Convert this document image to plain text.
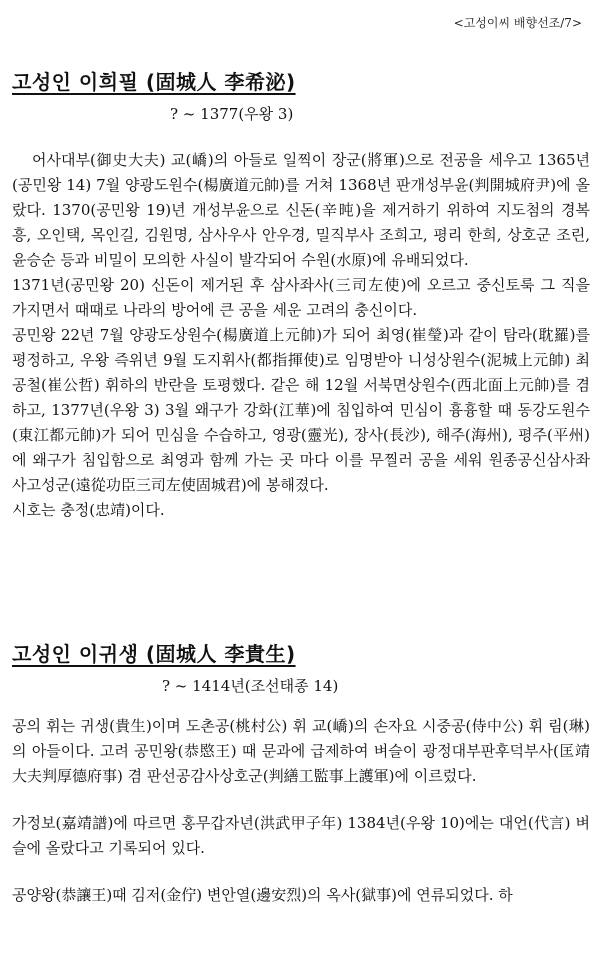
<고성이씨 배향선조/7>
고성인 이희필 (固城人 李希泌)

? ~ 1377(우왕 3)

어사대부(御史大夫) 교(嶠)의 아들로 일찍이 장군(將軍)으로 전공을 세우고 1365년(공민왕 14) 7월 양광도원수(楊廣道元帥)를 거쳐 1368년 판개성부윤(判開城府尹)에 올랐다. 1370(공민왕 19)년 개성부윤으로 신돈(辛旽)을 제거하기 위하여 지도첨의 경복흥, 오인택, 목인길, 김원명, 삼사우사 안우경, 밀직부사 조희고, 평리 한희, 상호군 조린, 윤승순 등과 비밀이 모의한 사실이 발각되어 수원(水原)에 유배되었다.

1371년(공민왕 20) 신돈이 제거된 후 삼사좌사(三司左使)에 오르고 중신토룩 그 직을 가지면서 때때로 나라의 방어에 큰 공을 세운 고려의 충신이다.

공민왕 22년 7월 양광도상원수(楊廣道上元帥)가 되어 최영(崔瑩)과 같이 탐라(耽羅)를 평정하고, 우왕 즉위년 9월 도지휘사(都指揮使)로 임명받아 니성상원수(泥城上元帥) 최공철(崔公哲) 휘하의 반란을 토평했다. 같은 해 12월 서북면상원수(西北面上元帥)를 겸하고, 1377년(우왕 3) 3월 왜구가 강화(江華)에 침입하여 민심이 흉흉할 때 동강도원수(東江都元帥)가 되어 민심을 수습하고, 영광(靈光), 장사(長沙), 해주(海州), 평주(平州)에 왜구가 침입함으로 최영과 함께 가는 곳 마다 이를 무찔러 공을 세워 원종공신삼사좌사고성군(遠從功臣三司左使固城君)에 봉해졌다.

시호는 충정(忠靖)이다.

고성인 이귀생 (固城人 李貴生)

? ~ 1414년(조선태종 14)

공의 휘는 귀생(貴生)이며 도촌공(桃村公) 휘 교(嶠)의 손자요 시중공(侍中公) 휘 림(琳)의 아들이다. 고려 공민왕(恭愍王) 때 문과에 급제하여 벼슬이 광정대부판후덕부사(匡靖大夫判厚德府事) 겸 판선공감사상호군(判繕工監事上護軍)에 이르렀다.

가정보(嘉靖譜)에 따르면 홍무갑자년(洪武甲子年) 1384년(우왕 10)에는 대언(代言) 벼슬에 올랐다고 기록되어 있다.

공양왕(恭讓王)때 김저(金佇) 변안열(邊安烈)의 옥사(獄事)에 연류되었다. 하
